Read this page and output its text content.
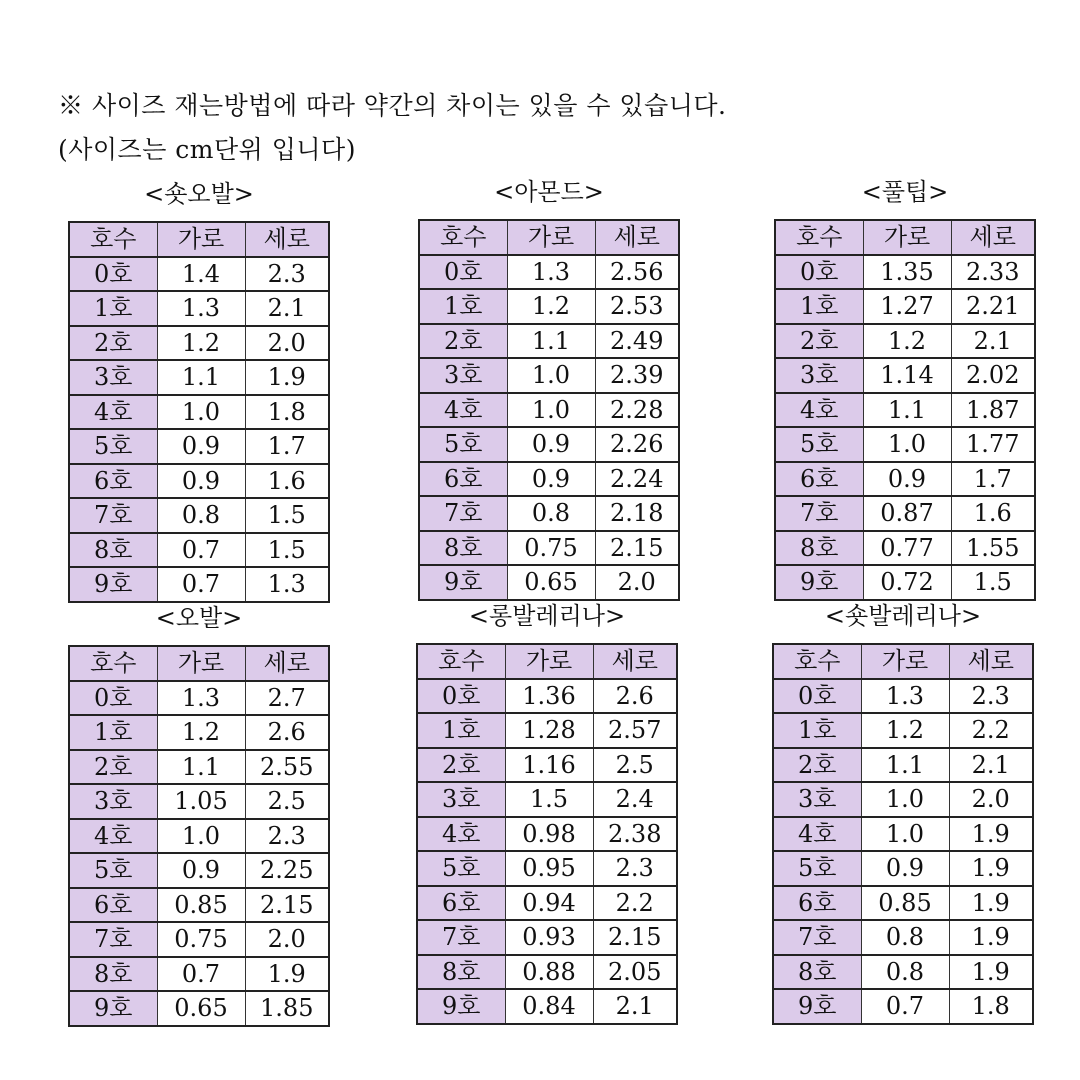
※ 사이즈 재는방법에 따라 약간의 차이는 있을 수 있습니다.
(사이즈는 cm단위 입니다)
<숏오발>
호수	가로	세로
0호	1.4	2.3
1호	1.3	2.1
2호	1.2	2.0
3호	1.1	1.9
4호	1.0	1.8
5호	0.9	1.7
6호	0.9	1.6
7호	0.8	1.5
8호	0.7	1.5
9호	0.7	1.3
<아몬드>
호수	가로	세로
0호	1.3	2.56
1호	1.2	2.53
2호	1.1	2.49
3호	1.0	2.39
4호	1.0	2.28
5호	0.9	2.26
6호	0.9	2.24
7호	0.8	2.18
8호	0.75	2.15
9호	0.65	2.0
<풀팁>
호수	가로	세로
0호	1.35	2.33
1호	1.27	2.21
2호	1.2	2.1
3호	1.14	2.02
4호	1.1	1.87
5호	1.0	1.77
6호	0.9	1.7
7호	0.87	1.6
8호	0.77	1.55
9호	0.72	1.5
<오발>
호수	가로	세로
0호	1.3	2.7
1호	1.2	2.6
2호	1.1	2.55
3호	1.05	2.5
4호	1.0	2.3
5호	0.9	2.25
6호	0.85	2.15
7호	0.75	2.0
8호	0.7	1.9
9호	0.65	1.85
<롱발레리나>
호수	가로	세로
0호	1.36	2.6
1호	1.28	2.57
2호	1.16	2.5
3호	1.5	2.4
4호	0.98	2.38
5호	0.95	2.3
6호	0.94	2.2
7호	0.93	2.15
8호	0.88	2.05
9호	0.84	2.1
<숏발레리나>
호수	가로	세로
0호	1.3	2.3
1호	1.2	2.2
2호	1.1	2.1
3호	1.0	2.0
4호	1.0	1.9
5호	0.9	1.9
6호	0.85	1.9
7호	0.8	1.9
8호	0.8	1.9
9호	0.7	1.8
